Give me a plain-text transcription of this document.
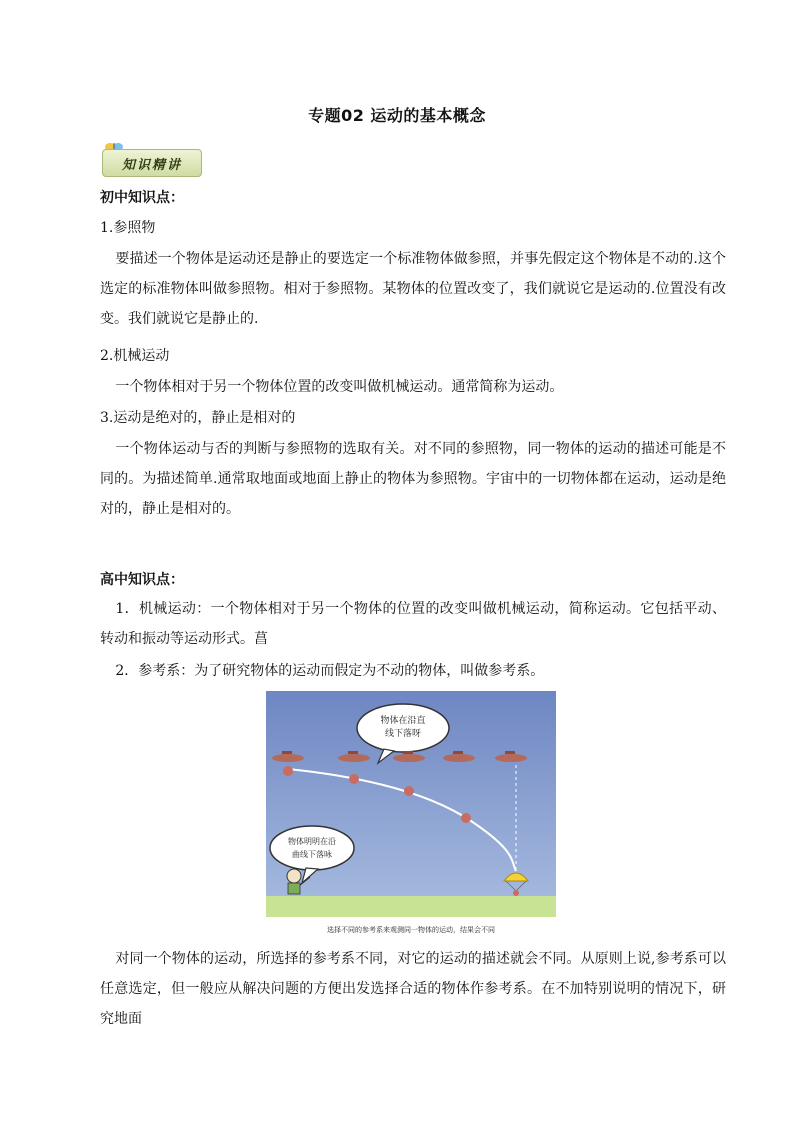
专题02 运动的基本概念
知识精讲
初中知识点：
1.参照物
要描述一个物体是运动还是静止的要选定一个标准物体做参照，并事先假定这个物体是不动的.这个选定的标准物体叫做参照物。相对于参照物。某物体的位置改变了，我们就说它是运动的.位置没有改变。我们就说它是静止的.
2.机械运动
一个物体相对于另一个物体位置的改变叫做机械运动。通常简称为运动。
3.运动是绝对的，静止是相对的
一个物体运动与否的判断与参照物的选取有关。对不同的参照物，同一物体的运动的描述可能是不同的。为描述简单.通常取地面或地面上静止的物体为参照物。宇宙中的一切物体都在运动，运动是绝对的，静止是相对的。
高中知识点：
1．机械运动：一个物体相对于另一个物体的位置的改变叫做机械运动，简称运动。它包括平动、转动和振动等运动形式。菖
2．参考系：为了研究物体的运动而假定为不动的物体，叫做参考系。
物体在沿直
线下落呀
物体明明在沿
曲线下落咏
选择不同的参考系来观测同一物体的运动，结果会不同
对同一个物体的运动，所选择的参考系不同，对它的运动的描述就会不同。从原则上说,参考系可以任意选定，但一般应从解决问题的方便出发选择合适的物体作参考系。在不加特别说明的情况下，研究地面
